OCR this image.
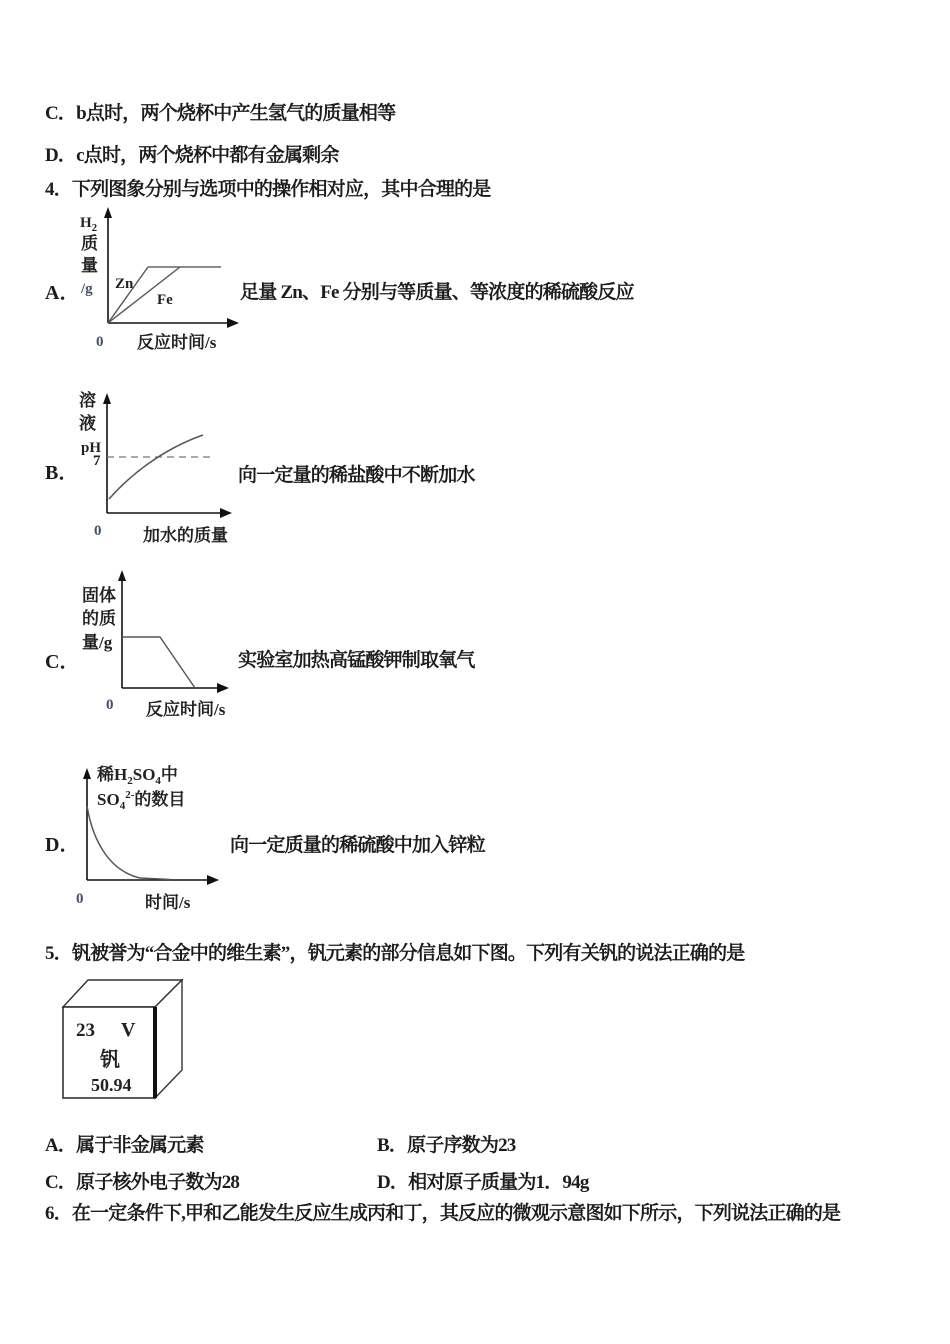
C．b点时，两个烧杯中产生氢气的质量相等
D．c点时，两个烧杯中都有金属剩余
4．下列图象分别与选项中的操作相对应，其中合理的是
A．
$H_2$
质
量
/g Zn
Fe
0 反应时间/s
足量 Zn、Fe 分别与等质量、等浓度的稀硫酸反应
B．
溶
液
pH
7
0 加水的质量
向一定量的稀盐酸中不断加水
C．
固体
的质
量/g
0 反应时间/s
实验室加热高锰酸钾制取氧气
D．
稀$H_2SO_4$中
$SO_4^{2-}$的数目
0	时间/s
向一定质量的稀硫酸中加入锌粒
5．钒被誉为“合金中的维生素”，钒元素的部分信息如下图。下列有关钒的说法正确的是
23 V
钒
50.94
A．属于非金属元素	B．原子序数为23
C．原子核外电子数为28	D．相对原子质量为1．94g
6．在一定条件下,甲和乙能发生反应生成丙和丁，其反应的微观示意图如下所示，下列说法正确的是
